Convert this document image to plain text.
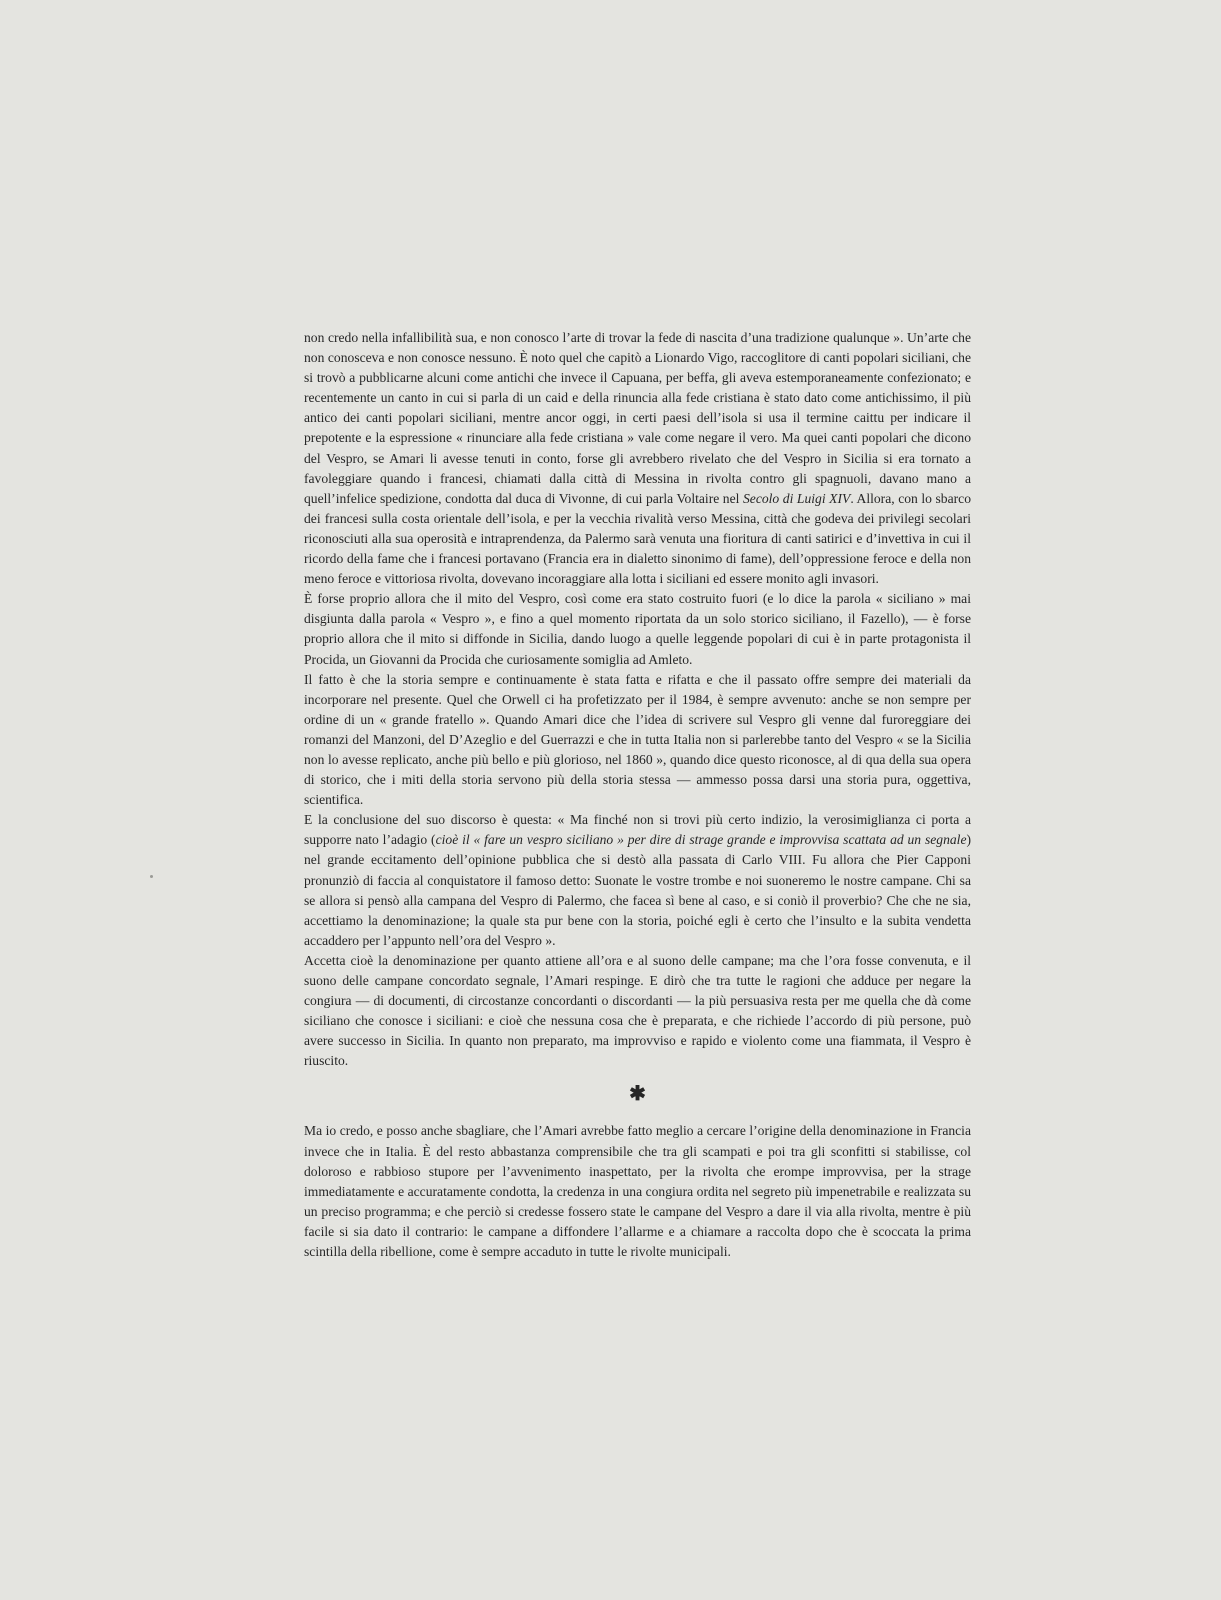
non credo nella infallibilità sua, e non conosco l’arte di trovar la fede di nascita d’una tradizione qualunque ». Un’arte che non conosceva e non conosce nessuno. È noto quel che capitò a Lionardo Vigo, raccoglitore di canti popolari siciliani, che si trovò a pubblicarne alcuni come antichi che invece il Capuana, per beffa, gli aveva estemporaneamente confezionato; e recentemente un canto in cui si parla di un caid e della rinuncia alla fede cristiana è stato dato come antichissimo, il più antico dei canti popolari siciliani, mentre ancor oggi, in certi paesi dell’isola si usa il termine caittu per indicare il prepotente e la espressione « rinunciare alla fede cristiana » vale come negare il vero. Ma quei canti popolari che dicono del Vespro, se Amari li avesse tenuti in conto, forse gli avrebbero rivelato che del Vespro in Sicilia si era tornato a favoleggiare quando i francesi, chiamati dalla città di Messina in rivolta contro gli spagnuoli, davano mano a quell’infelice spedizione, condotta dal duca di Vivonne, di cui parla Voltaire nel Secolo di Luigi XIV. Allora, con lo sbarco dei francesi sulla costa orientale dell’isola, e per la vecchia rivalità verso Messina, città che godeva dei privilegi secolari riconosciuti alla sua operosità e intraprendenza, da Palermo sarà venuta una fioritura di canti satirici e d’invettiva in cui il ricordo della fame che i francesi portavano (Francia era in dialetto sinonimo di fame), dell’oppressione feroce e della non meno feroce e vittoriosa rivolta, dovevano incoraggiare alla lotta i siciliani ed essere monito agli invasori.

È forse proprio allora che il mito del Vespro, così come era stato costruito fuori (e lo dice la parola « siciliano » mai disgiunta dalla parola « Vespro », e fino a quel momento riportata da un solo storico siciliano, il Fazello), — è forse proprio allora che il mito si diffonde in Sicilia, dando luogo a quelle leggende popolari di cui è in parte protagonista il Procida, un Giovanni da Procida che curiosamente somiglia ad Amleto.

Il fatto è che la storia sempre e continuamente è stata fatta e rifatta e che il passato offre sempre dei materiali da incorporare nel presente. Quel che Orwell ci ha profetizzato per il 1984, è sempre avvenuto: anche se non sempre per ordine di un « grande fratello ». Quando Amari dice che l’idea di scrivere sul Vespro gli venne dal furoreggiare dei romanzi del Manzoni, del D’Azeglio e del Guerrazzi e che in tutta Italia non si parlerebbe tanto del Vespro « se la Sicilia non lo avesse replicato, anche più bello e più glorioso, nel 1860 », quando dice questo riconosce, al di qua della sua opera di storico, che i miti della storia servono più della storia stessa — ammesso possa darsi una storia pura, oggettiva, scientifica.

E la conclusione del suo discorso è questa: « Ma finché non si trovi più certo indizio, la verosimiglianza ci porta a supporre nato l’adagio (cioè il « fare un vespro siciliano » per dire di strage grande e improvvisa scattata ad un segnale) nel grande eccitamento dell’opinione pubblica che si destò alla passata di Carlo VIII. Fu allora che Pier Capponi pronunziò di faccia al conquistatore il famoso detto: Suonate le vostre trombe e noi suoneremo le nostre campane. Chi sa se allora si pensò alla campana del Vespro di Palermo, che facea sì bene al caso, e si coniò il proverbio? Che che ne sia, accettiamo la denominazione; la quale sta pur bene con la storia, poiché egli è certo che l’insulto e la subita vendetta accaddero per l’appunto nell’ora del Vespro ».

Accetta cioè la denominazione per quanto attiene all’ora e al suono delle campane; ma che l’ora fosse convenuta, e il suono delle campane concordato segnale, l’Amari respinge. E dirò che tra tutte le ragioni che adduce per negare la congiura — di documenti, di circostanze concordanti o discordanti — la più persuasiva resta per me quella che dà come siciliano che conosce i siciliani: e cioè che nessuna cosa che è preparata, e che richiede l’accordo di più persone, può avere successo in Sicilia. In quanto non preparato, ma improvviso e rapido e violento come una fiammata, il Vespro è riuscito.

✱

Ma io credo, e posso anche sbagliare, che l’Amari avrebbe fatto meglio a cercare l’origine della denominazione in Francia invece che in Italia. È del resto abbastanza comprensibile che tra gli scampati e poi tra gli sconfitti si stabilisse, col doloroso e rabbioso stupore per l’avvenimento inaspettato, per la rivolta che erompe improvvisa, per la strage immediatamente e accuratamente condotta, la credenza in una congiura ordita nel segreto più impenetrabile e realizzata su un preciso programma; e che perciò si credesse fossero state le campane del Vespro a dare il via alla rivolta, mentre è più facile si sia dato il contrario: le campane a diffondere l’allarme e a chiamare a raccolta dopo che è scoccata la prima scintilla della ribellione, come è sempre accaduto in tutte le rivolte municipali.
